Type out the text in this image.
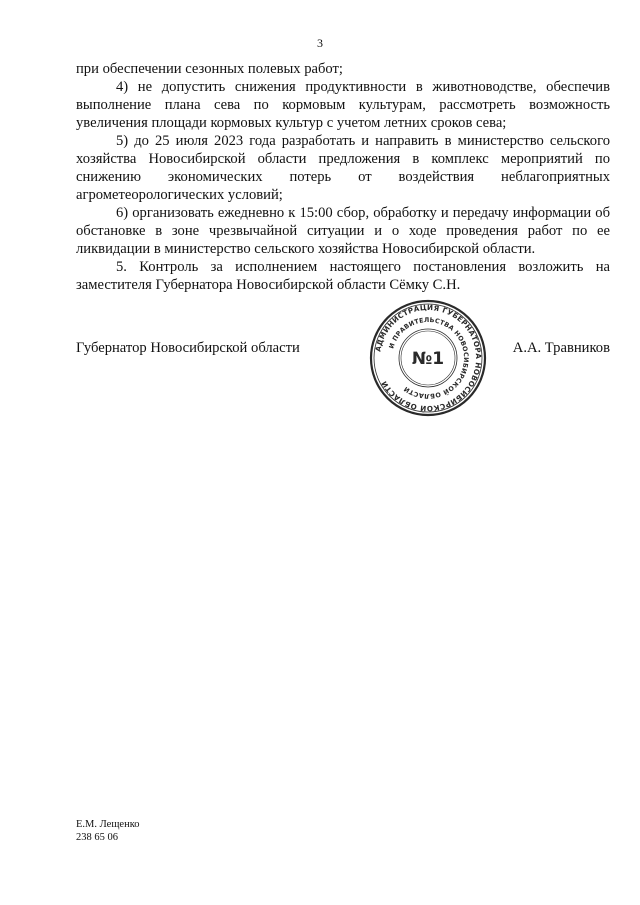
3

при обеспечении сезонных полевых работ;

4) не допустить снижения продуктивности в животноводстве, обеспечив выполнение плана сева по кормовым культурам, рассмотреть возможность увеличения площади кормовых культур с учетом летних сроков сева;

5) до 25 июля 2023 года разработать и направить в министерство сельского хозяйства Новосибирской области предложения в комплекс мероприятий по снижению экономических потерь от воздействия неблагоприятных агрометеорологических условий;

6) организовать ежедневно к 15:00 сбор, обработку и передачу информации об обстановке в зоне чрезвычайной ситуации и о ходе проведения работ по ее ликвидации в министерство сельского хозяйства Новосибирской области.

5. Контроль за исполнением настоящего постановления возложить на заместителя Губернатора Новосибирской области Сёмку С.Н.

Губернатор Новосибирской области	А.А. Травников
АДМИНИСТРАЦИЯ ГУБЕРНАТОРА НОВОСИБИРСКОЙ ОБЛАСТИ
И ПРАВИТЕЛЬСТВА НОВОСИБИРСКОЙ ОБЛАСТИ
№1
Е.М. Лещенко
238 65 06
